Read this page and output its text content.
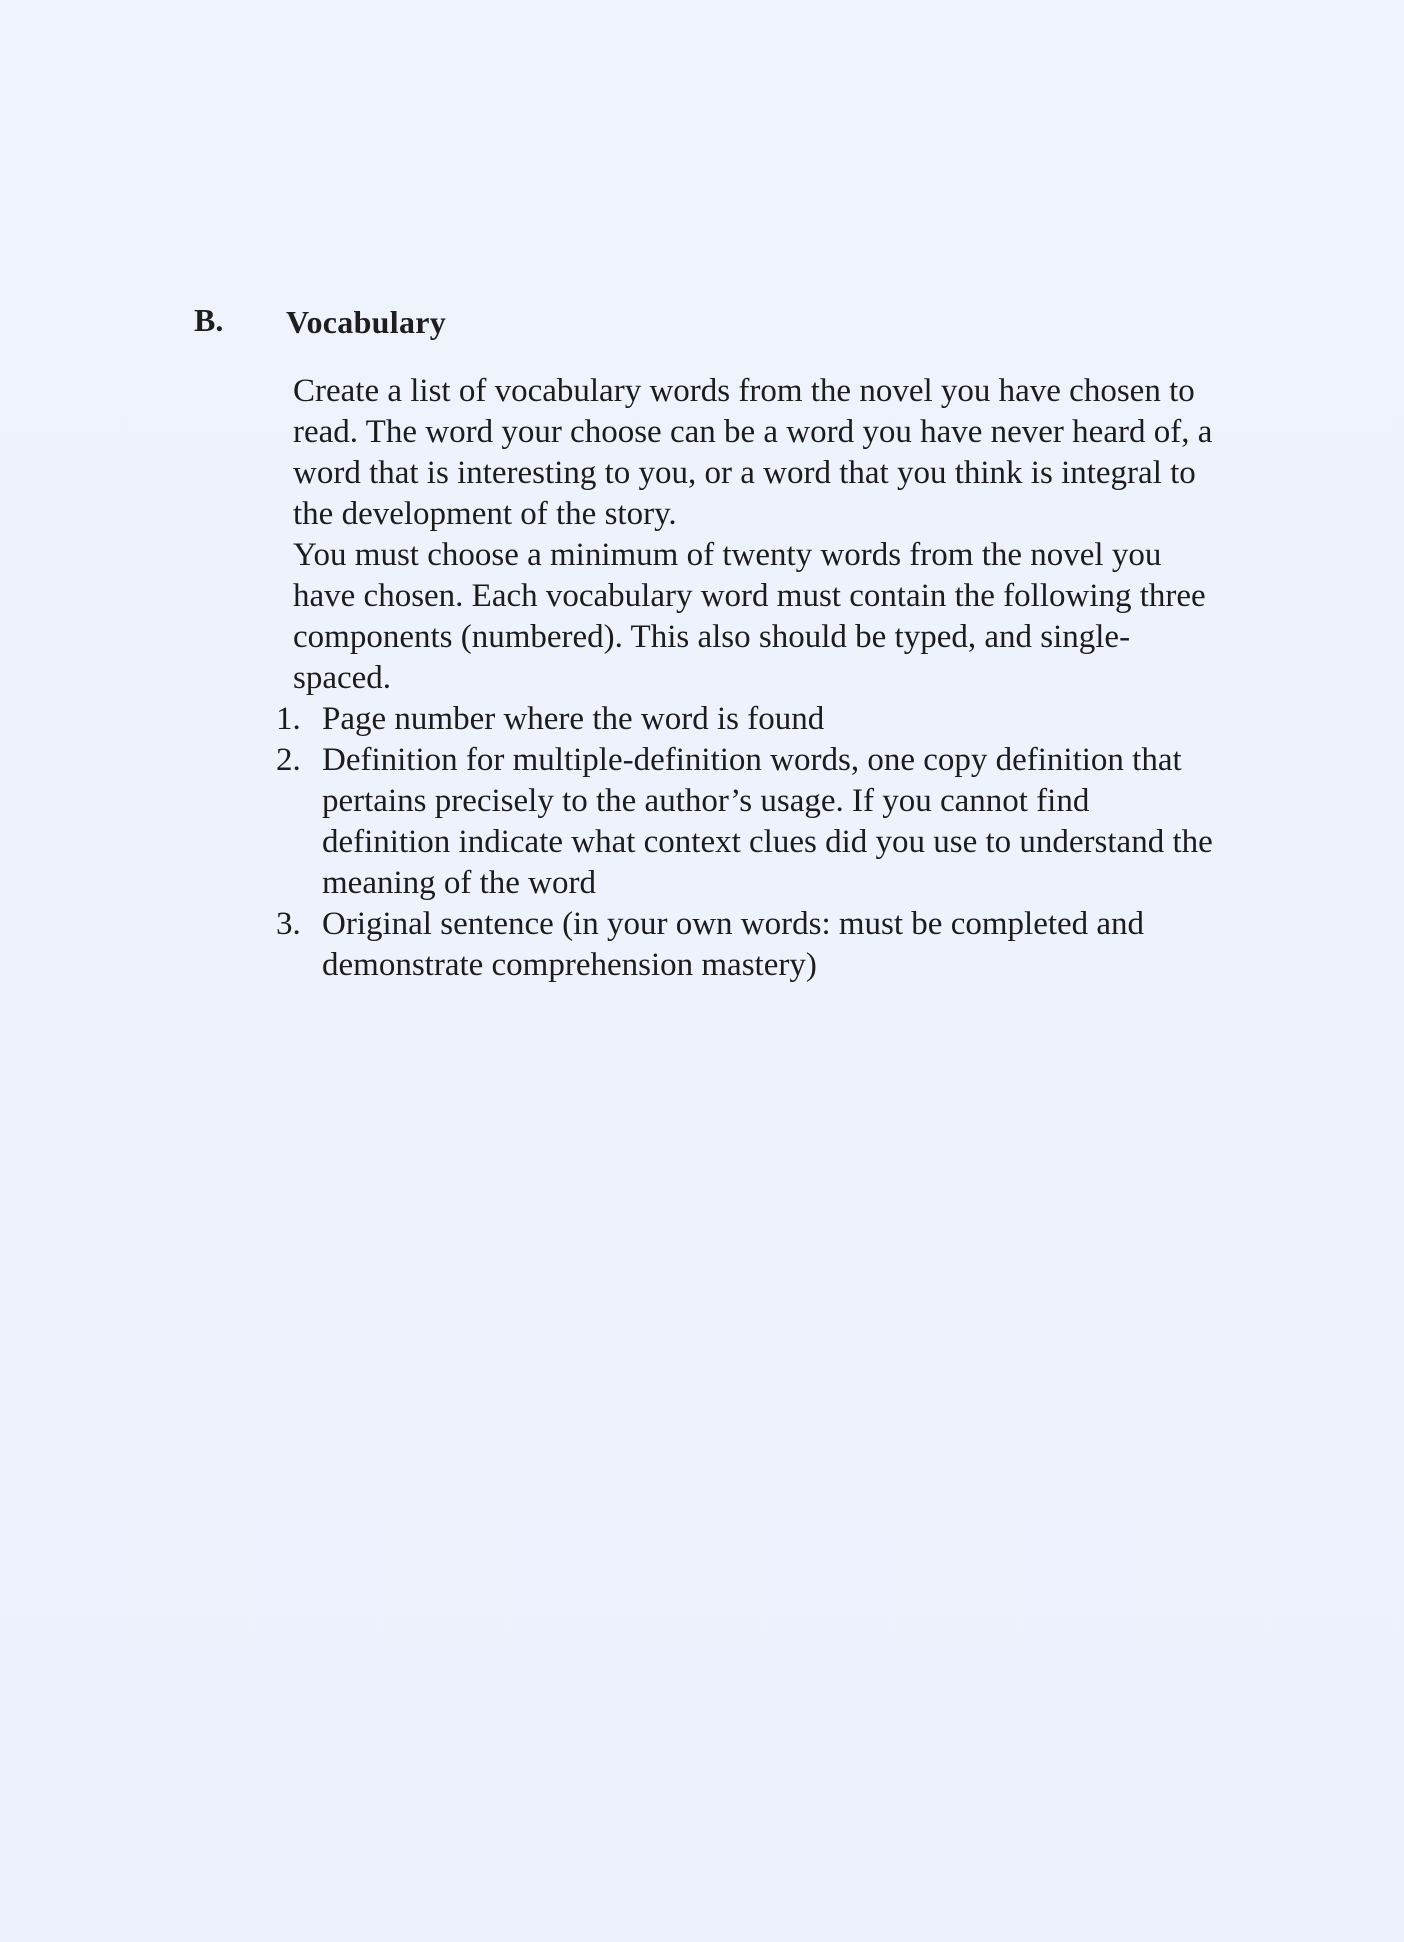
B. Vocabulary

Create a list of vocabulary words from the novel you have chosen to
read. The word your choose can be a word you have never heard of, a
word that is interesting to you, or a word that you think is integral to
the development of the story.

You must choose a minimum of twenty words from the novel you
have chosen. Each vocabulary word must contain the following three
components (numbered). This also should be typed, and single-
spaced.

1. Page number where the word is found
2. Definition for multiple-definition words, one copy definition that
pertains precisely to the author’s usage. If you cannot find
definition indicate what context clues did you use to understand the
meaning of the word
3. Original sentence (in your own words: must be completed and
demonstrate comprehension mastery)
